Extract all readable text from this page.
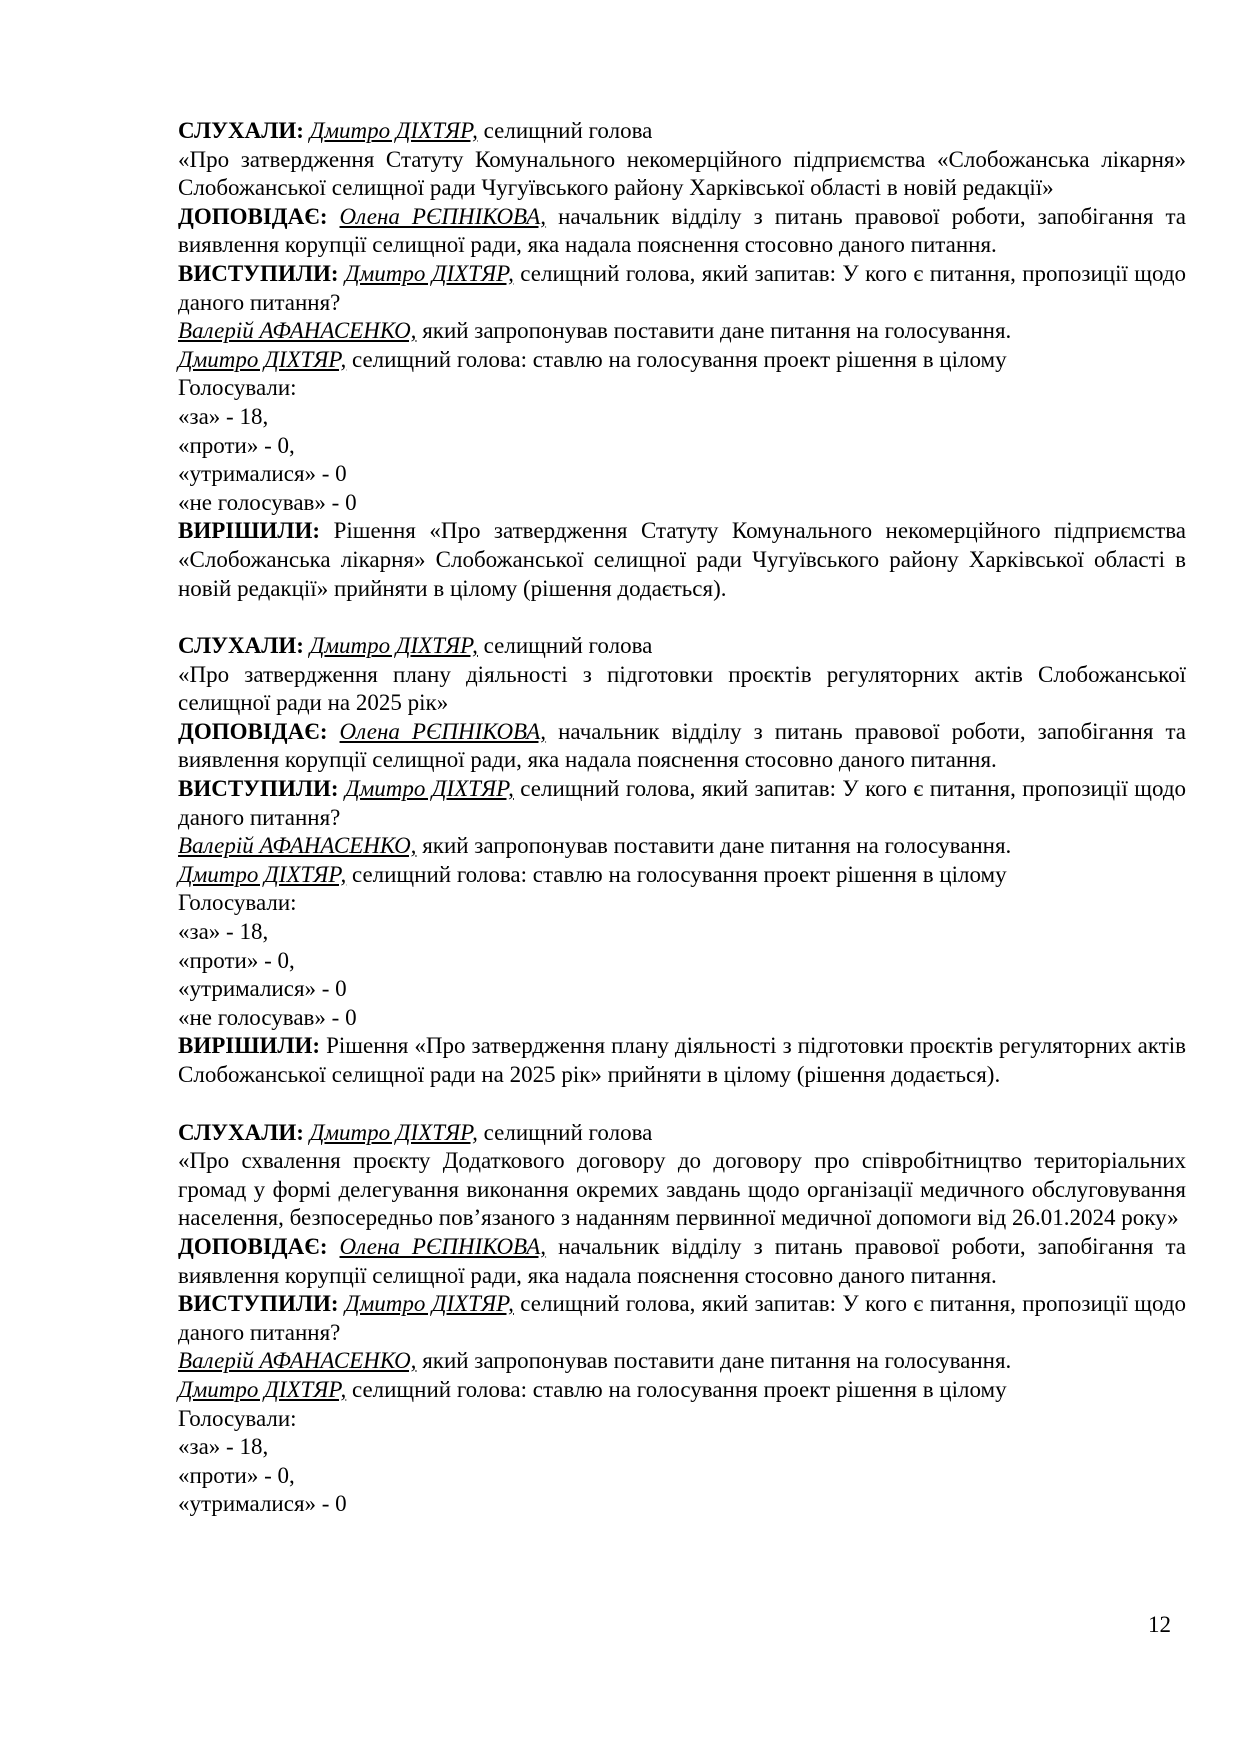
СЛУХАЛИ: Дмитро ДІХТЯР, селищний голова

«Про затвердження Статуту Комунального некомерційного підприємства «Слобожанська лікарня» Слобожанської селищної ради Чугуївського району Харківської області в новій редакції»

ДОПОВІДАЄ: Олена РЄПНІКОВА, начальник відділу з питань правової роботи, запобігання та виявлення корупції селищної ради, яка надала пояснення стосовно даного питання.

ВИСТУПИЛИ: Дмитро ДІХТЯР, селищний голова, який запитав: У кого є питання, пропозиції щодо даного питання?

Валерій АФАНАСЕНКО, який запропонував поставити дане питання на голосування.

Дмитро ДІХТЯР, селищний голова: ставлю на голосування проект рішення в цілому

Голосували:

«за» - 18,

«проти» - 0,

«утрималися» - 0

«не голосував» - 0

ВИРІШИЛИ: Рішення «Про затвердження Статуту Комунального некомерційного підприємства «Слобожанська лікарня» Слобожанської селищної ради Чугуївського району Харківської області в новій редакції» прийняти в цілому (рішення додається).

СЛУХАЛИ: Дмитро ДІХТЯР, селищний голова

«Про затвердження плану діяльності з підготовки проєктів регуляторних актів Слобожанської селищної ради на 2025 рік»

ДОПОВІДАЄ: Олена РЄПНІКОВА, начальник відділу з питань правової роботи, запобігання та виявлення корупції селищної ради, яка надала пояснення стосовно даного питання.

ВИСТУПИЛИ: Дмитро ДІХТЯР, селищний голова, який запитав: У кого є питання, пропозиції щодо даного питання?

Валерій АФАНАСЕНКО, який запропонував поставити дане питання на голосування.

Дмитро ДІХТЯР, селищний голова: ставлю на голосування проект рішення в цілому

Голосували:

«за» - 18,

«проти» - 0,

«утрималися» - 0

«не голосував» - 0

ВИРІШИЛИ: Рішення «Про затвердження плану діяльності з підготовки проєктів регуляторних актів Слобожанської селищної ради на 2025 рік» прийняти в цілому (рішення додається).

СЛУХАЛИ: Дмитро ДІХТЯР, селищний голова

«Про схвалення проєкту Додаткового договору до договору про співробітництво територіальних громад у формі делегування виконання окремих завдань щодо організації медичного обслуговування населення, безпосередньо пов’язаного з наданням первинної медичної допомоги від 26.01.2024 року»

ДОПОВІДАЄ: Олена РЄПНІКОВА, начальник відділу з питань правової роботи, запобігання та виявлення корупції селищної ради, яка надала пояснення стосовно даного питання.

ВИСТУПИЛИ: Дмитро ДІХТЯР, селищний голова, який запитав: У кого є питання, пропозиції щодо даного питання?

Валерій АФАНАСЕНКО, який запропонував поставити дане питання на голосування.

Дмитро ДІХТЯР, селищний голова: ставлю на голосування проект рішення в цілому

Голосували:

«за» - 18,

«проти» - 0,

«утрималися» - 0

12
